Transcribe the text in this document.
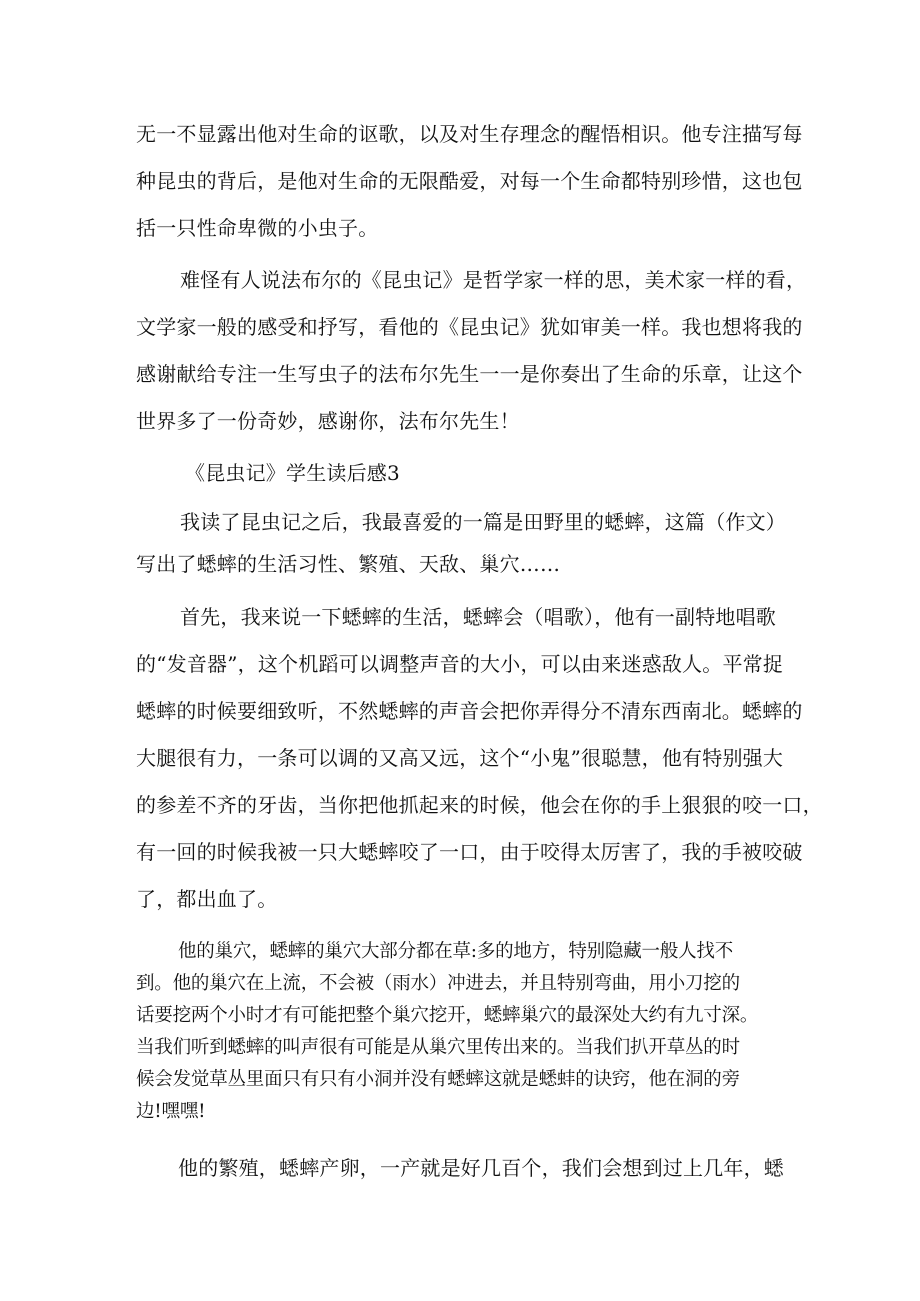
无一不显露出他对生命的讴歌，以及对生存理念的醒悟相识。他专注描写每

种昆虫的背后，是他对生命的无限酷爱，对每一个生命都特别珍惜，这也包

括一只性命卑微的小虫子。

难怪有人说法布尔的《昆虫记》是哲学家一样的思，美术家一样的看，

文学家一般的感受和抒写，看他的《昆虫记》犹如审美一样。我也想将我的

感谢献给专注一生写虫子的法布尔先生一一是你奏出了生命的乐章，让这个

世界多了一份奇妙，感谢你，法布尔先生！

《昆虫记》学生读后感3

我读了昆虫记之后，我最喜爱的一篇是田野里的蟋蟀，这篇（作文）

写出了蟋蟀的生活习性、繁殖、天敌、巢穴……

首先，我来说一下蟋蟀的生活，蟋蟀会（唱歌），他有一副特地唱歌

的“发音器”，这个机蹈可以调整声音的大小，可以由来迷惑敌人。平常捉

蟋蟀的时候要细致听，不然蟋蟀的声音会把你弄得分不清东西南北。蟋蟀的

大腿很有力，一条可以调的又高又远，这个“小鬼”很聪慧，他有特别强大

的参差不齐的牙齿，当你把他抓起来的时候，他会在你的手上狠狠的咬一口，

有一回的时候我被一只大蟋蟀咬了一口，由于咬得太厉害了，我的手被咬破

了，都出血了。

他的巢穴，蟋蟀的巢穴大部分都在草:多的地方，特别隐藏一般人找不

到。他的巢穴在上流，不会被（雨水）冲进去，并且特别弯曲，用小刀挖的

话要挖两个小时才有可能把整个巢穴挖开，蟋蟀巢穴的最深处大约有九寸深。

当我们听到蟋蟀的叫声很有可能是从巢穴里传出来的。当我们扒开草丛的时

候会发觉草丛里面只有只有小洞并没有蟋蟀这就是蟋蚌的诀窍，他在洞的旁

边!嘿嘿!

他的繁殖，蟋蟀产卵，一产就是好几百个，我们会想到过上几年，蟋
